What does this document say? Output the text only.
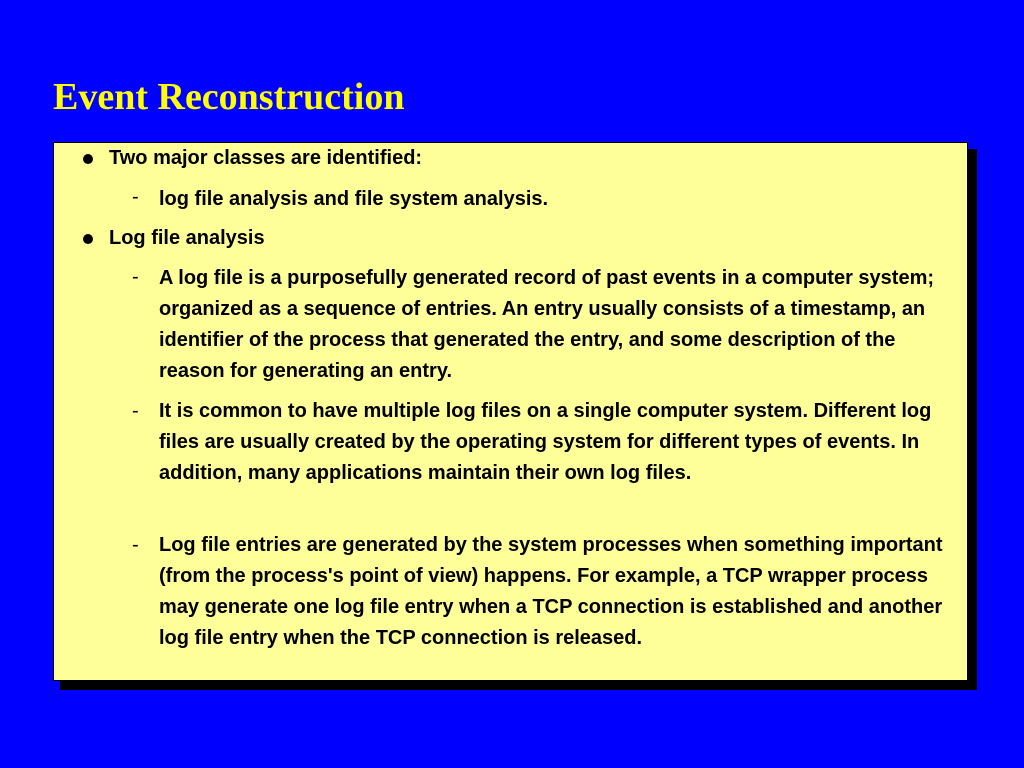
Event Reconstruction
Two major classes are identified:
- log file analysis and file system analysis.
Log file analysis
- A log file is a purposefully generated record of past events in a computer system; organized as a sequence of entries. An entry usually consists of a timestamp, an identifier of the process that generated the entry, and some description of the reason for generating an entry.
- It is common to have multiple log files on a single computer system. Different log files are usually created by the operating system for different types of events. In addition, many applications maintain their own log files.
- Log file entries are generated by the system processes when something important (from the process's point of view) happens. For example, a TCP wrapper process may generate one log file entry when a TCP connection is established and another log file entry when the TCP connection is released.
